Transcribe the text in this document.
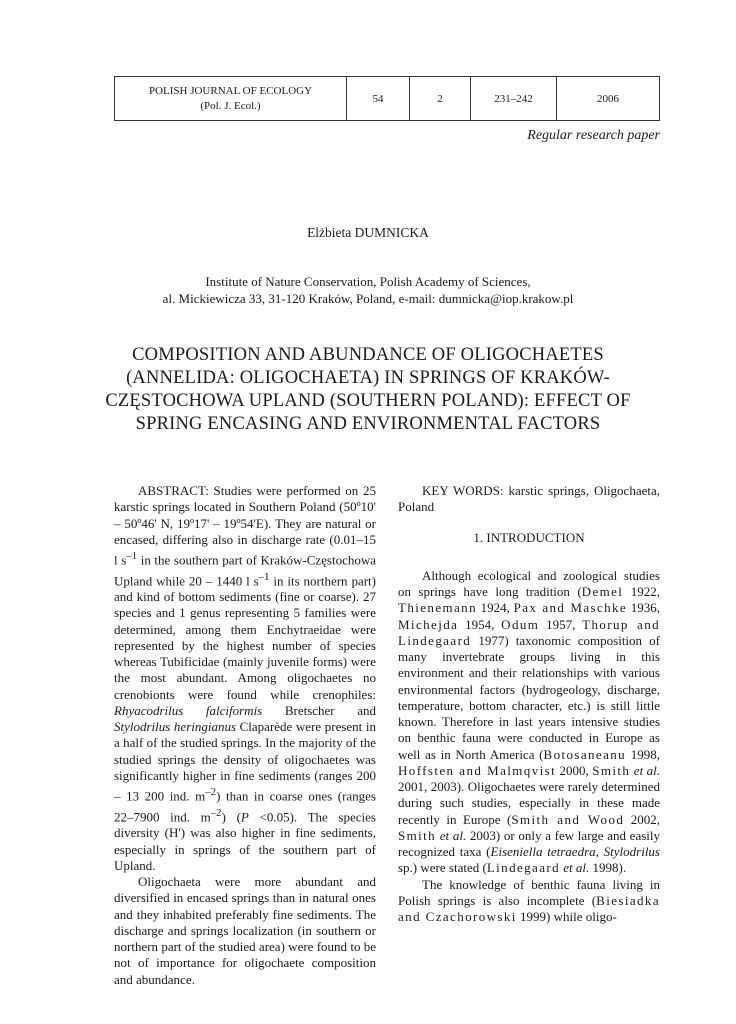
POLISH JOURNAL OF ECOLOGY
(Pol. J. Ecol.)	54	2	231–242	2006
Regular research paper
Elżbieta DUMNICKA
Institute of Nature Conservation, Polish Academy of Sciences,
al. Mickiewicza 33, 31-120 Kraków, Poland, e-mail: dumnicka@iop.krakow.pl
COMPOSITION AND ABUNDANCE OF OLIGOCHAETES
(ANNELIDA: OLIGOCHAETA) IN SPRINGS OF KRAKÓW-
CZĘSTOCHOWA UPLAND (SOUTHERN POLAND): EFFECT OF
SPRING ENCASING AND ENVIRONMENTAL FACTORS

ABSTRACT: Studies were performed on 25 karstic springs located in Southern Poland (50º10' – 50º46' N, 19º17' – 19º54'E). They are natural or encased, differing also in discharge rate (0.01–15 l $s^{-1}$ in the southern part of Kraków-Częstochowa Upland while 20 – 1440 l $s^{-1}$ in its northern part) and kind of bottom sediments (fine or coarse). 27 species and 1 genus representing 5 families were determined, among them Enchytraeidae were represented by the highest number of species whereas Tubificidae (mainly juvenile forms) were the most abundant. Among oligochaetes no crenobionts were found while crenophiles: Rhyacodrilus falciformis Bretscher and Stylodrilus heringianus Claparède were present in a half of the studied springs. In the majority of the studied springs the density of oligochaetes was significantly higher in fine sediments (ranges 200 – 13 200 ind. $m^{-2}$) than in coarse ones (ranges 22–7900 ind. $m^{-2}$) (P <0.05). The species diversity (H') was also higher in fine sediments, especially in springs of the southern part of Upland.

Oligochaeta were more abundant and diversified in encased springs than in natural ones and they inhabited preferably fine sediments. The discharge and springs localization (in southern or northern part of the studied area) were found to be not of importance for oligochaete composition and abundance.

KEY WORDS: karstic springs, Oligochaeta, Poland

1. INTRODUCTION

Although ecological and zoological studies on springs have long tradition (Demel 1922, Thienemann 1924, Pax and Maschke 1936, Michejda 1954, Odum 1957, Thorup and Lindegaard 1977) taxonomic composition of many invertebrate groups living in this environment and their relationships with various environmental factors (hydrogeology, discharge, temperature, bottom character, etc.) is still little known. Therefore in last years intensive studies on benthic fauna were conducted in Europe as well as in North America (Botosaneanu 1998, Hoffsten and Malmqvist 2000, Smith et al. 2001, 2003). Oligochaetes were rarely determined during such studies, especially in these made recently in Europe (Smith and Wood 2002, Smith et al. 2003) or only a few large and easily recognized taxa (Eiseniella tetraedra, Stylodrilus sp.) were stated (Lindegaard et al. 1998).

The knowledge of benthic fauna living in Polish springs is also incomplete (Biesiadka and Czachorowski 1999) while oligo-
